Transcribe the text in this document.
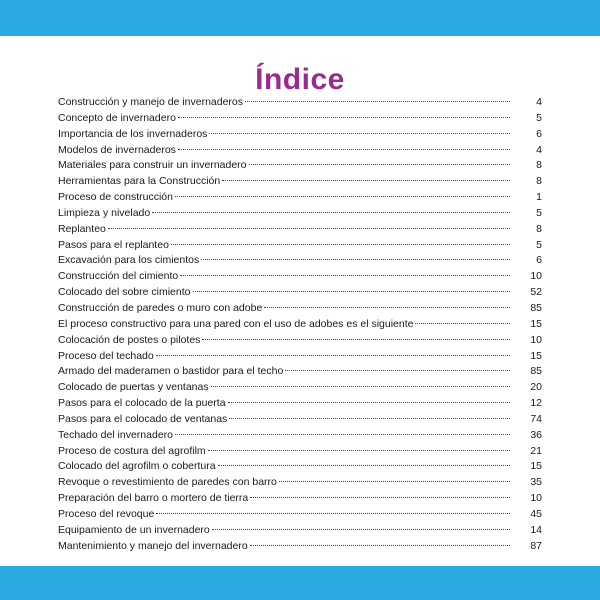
Índice
Construcción y manejo de invernaderos	4
Concepto de invernadero	5
Importancia de los invernaderos	6
Modelos de invernaderos	4
Materiales para construir un invernadero	8
Herramientas para la Construcción	8
Proceso de construcción	1
Limpieza y nivelado	5
Replanteo	8
Pasos para el replanteo	5
Excavación para los cimientos	6
Construcción del cimiento	10
Colocado del sobre cimiento	52
Construcción de paredes o muro con adobe	85
El proceso constructivo para una pared con el uso de adobes es el siguiente	15
Colocación de postes o pilotes	10
Proceso del techado	15
Armado del maderamen o bastidor para el techo	85
Colocado de puertas y ventanas	20
Pasos para el colocado de la puerta	12
Pasos para el colocado de ventanas	74
Techado del invernadero	36
Proceso de costura del agrofilm	21
Colocado del agrofilm o cobertura	15
Revoque o revestimiento de paredes con barro	35
Preparación del barro o mortero de tierra	10
Proceso del revoque	45
Equipamiento de un invernadero	14
Mantenimiento y manejo del invernadero	87
